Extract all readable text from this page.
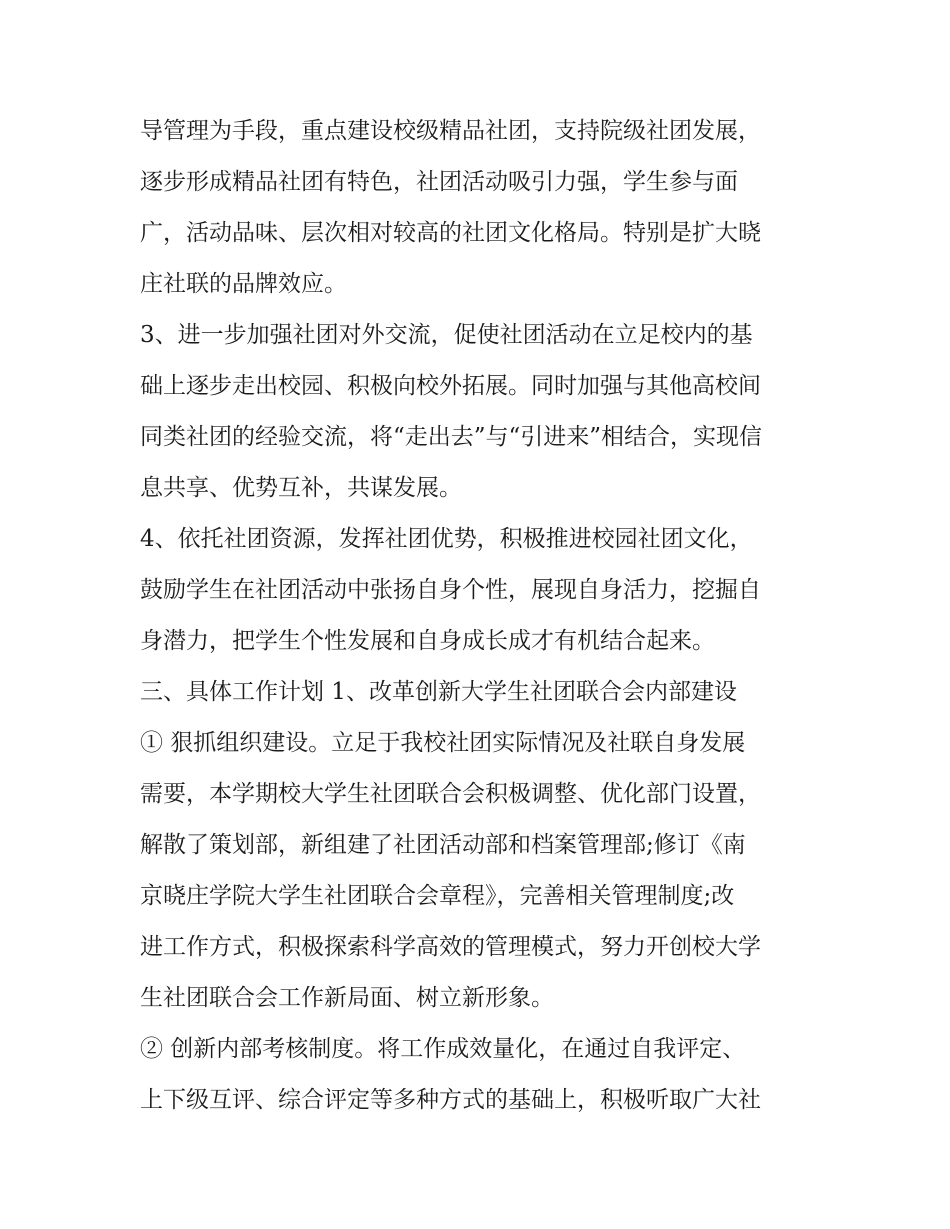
导管理为手段，重点建设校级精品社团，支持院级社团发展，
逐步形成精品社团有特色，社团活动吸引力强，学生参与面
广，活动品味、层次相对较高的社团文化格局。特别是扩大晓
庄社联的品牌效应。
3、进一步加强社团对外交流，促使社团活动在立足校内的基
础上逐步走出校园、积极向校外拓展。同时加强与其他高校间
同类社团的经验交流，将“走出去”与“引进来”相结合，实现信
息共享、优势互补，共谋发展。
4、依托社团资源，发挥社团优势，积极推进校园社团文化，
鼓励学生在社团活动中张扬自身个性，展现自身活力，挖掘自
身潜力，把学生个性发展和自身成长成才有机结合起来。
三、具体工作计划 1、改革创新大学生社团联合会内部建设
① 狠抓组织建设。立足于我校社团实际情况及社联自身发展
需要，本学期校大学生社团联合会积极调整、优化部门设置，
解散了策划部，新组建了社团活动部和档案管理部;修订《南
京晓庄学院大学生社团联合会章程》，完善相关管理制度;改
进工作方式，积极探索科学高效的管理模式，努力开创校大学
生社团联合会工作新局面、树立新形象。
② 创新内部考核制度。将工作成效量化，在通过自我评定、
上下级互评、综合评定等多种方式的基础上，积极听取广大社
